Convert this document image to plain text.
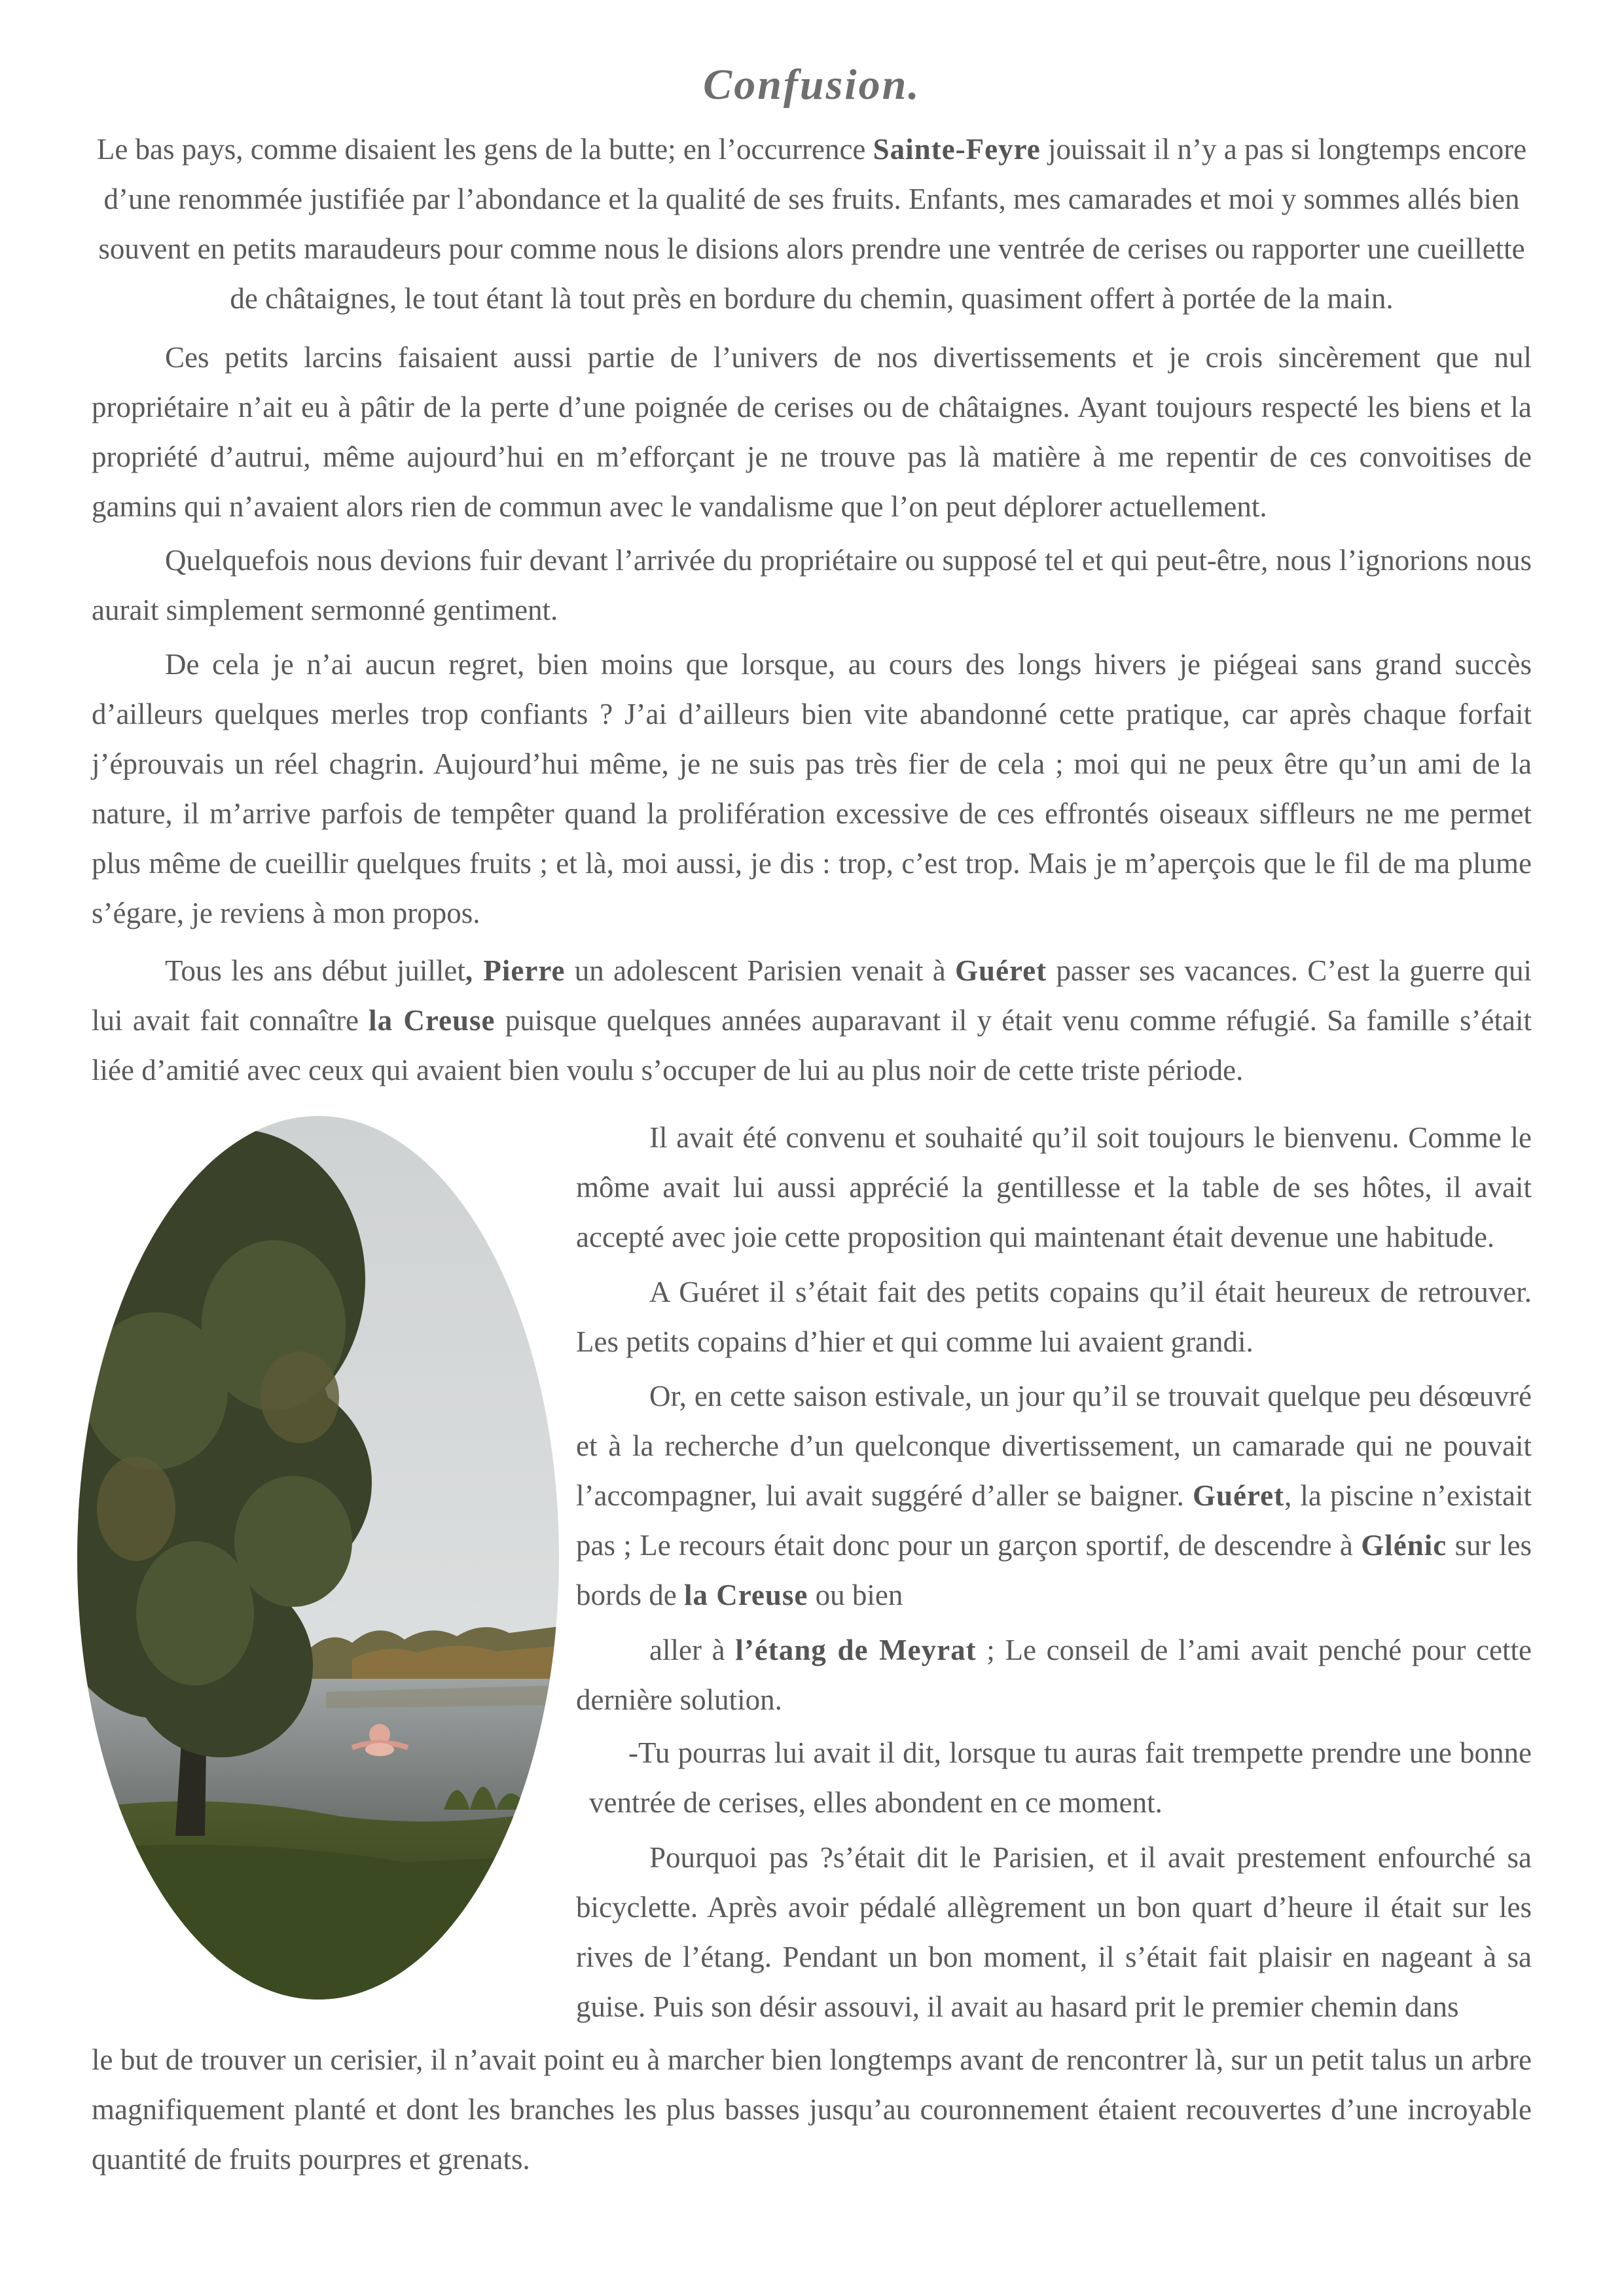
Confusion.

Le bas pays, comme disaient les gens de la butte; en l’occurrence Sainte-Feyre jouissait il n’y a pas si longtemps encore d’une renommée justifiée par l’abondance et la qualité de ses fruits. Enfants, mes camarades et moi y sommes allés bien souvent en petits maraudeurs pour comme nous le disions alors prendre une ventrée de cerises ou rapporter une cueillette de châtaignes, le tout étant là tout près en bordure du chemin, quasiment offert à portée de la main.

Ces petits larcins faisaient aussi partie de l’univers de nos divertissements et je crois sincèrement que nul propriétaire n’ait eu à pâtir de la perte d’une poignée de cerises ou de châtaignes. Ayant toujours respecté les biens et la propriété d’autrui, même aujourd’hui en m’efforçant je ne trouve pas là matière à me repentir de ces convoitises de gamins qui n’avaient alors rien de commun avec le vandalisme que l’on peut déplorer actuellement.

Quelquefois nous devions fuir devant l’arrivée du propriétaire ou supposé tel et qui peut-être, nous l’ignorions nous aurait simplement sermonné gentiment.

De cela je n’ai aucun regret, bien moins que lorsque, au cours des longs hivers je piégeai sans grand succès d’ailleurs quelques merles trop confiants ? J’ai d’ailleurs bien vite abandonné cette pratique, car après chaque forfait j’éprouvais un réel chagrin. Aujourd’hui même, je ne suis pas très fier de cela ; moi qui ne peux être qu’un ami de la nature, il m’arrive parfois de tempêter quand la prolifération excessive de ces effrontés oiseaux siffleurs ne me permet plus même de cueillir quelques fruits ; et là, moi aussi, je dis : trop, c’est trop. Mais je m’aperçois que le fil de ma plume s’égare, je reviens à mon propos.

Tous les ans début juillet, Pierre un adolescent Parisien venait à Guéret passer ses vacances. C’est la guerre qui lui avait fait connaître la Creuse puisque quelques années auparavant il y était venu comme réfugié. Sa famille s’était liée d’amitié avec ceux qui avaient bien voulu s’occuper de lui au plus noir de cette triste période.

Il avait été convenu et souhaité qu’il soit toujours le bienvenu. Comme le môme avait lui aussi apprécié la gentillesse et la table de ses hôtes, il avait accepté avec joie cette proposition qui maintenant était devenue une habitude.

A Guéret il s’était fait des petits copains qu’il était heureux de retrouver. Les petits copains d’hier et qui comme lui avaient grandi.

Or, en cette saison estivale, un jour qu’il se trouvait quelque peu désœuvré et à la recherche d’un quelconque divertissement, un camarade qui ne pouvait l’accompagner, lui avait suggéré d’aller se baigner. Guéret, la piscine n’existait pas ; Le recours était donc pour un garçon sportif, de descendre à Glénic sur les bords de la Creuse ou bien

aller à l’étang de Meyrat ; Le conseil de l’ami avait penché pour cette dernière solution.

-Tu pourras lui avait il dit, lorsque tu auras fait trempette prendre une bonne ventrée de cerises, elles abondent en ce moment.

Pourquoi pas ?s’était dit le Parisien, et il avait prestement enfourché sa bicyclette. Après avoir pédalé allègrement un bon quart d’heure il était sur les rives de l’étang. Pendant un bon moment, il s’était fait plaisir en nageant à sa guise. Puis son désir assouvi, il avait au hasard prit le premier chemin dans

le but de trouver un cerisier, il n’avait point eu à marcher bien longtemps avant de rencontrer là, sur un petit talus un arbre magnifiquement planté et dont les branches les plus basses jusqu’au couronnement étaient recouvertes d’une incroyable quantité de fruits pourpres et grenats.
